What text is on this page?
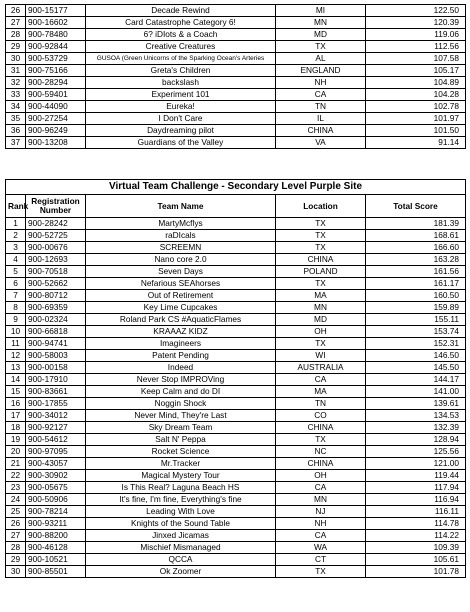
26	900-15177	Decade Rewind	MI	122.50
27	900-16602	Card Catastrophe Category 6!	MN	120.39
28	900-78480	6? iDIots & a Coach	MD	119.06
29	900-92844	Creative Creatures	TX	112.56
30	900-53729	GUSOA (Green Unicorns of the Sparking Ocean's Arteries	AL	107.58
31	900-75166	Greta's Children	ENGLAND	105.17
32	900-28294	backslash	NH	104.89
33	900-59401	Experiment 101	CA	104.28
34	900-44090	Eureka!	TN	102.78
35	900-27254	I Don't Care	IL	101.97
36	900-96249	Daydreaming pilot	CHINA	101.50
37	900-13208	Guardians of the Valley	VA	91.14
Virtual Team Challenge - Secondary Level Purple Site				
Rank	Registration Number	Team Name	Location	Total Score
1	900-28242	MartyMcflys	TX	181.39
2	900-52725	raDIcals	TX	168.61
3	900-00676	SCREEMN	TX	166.60
4	900-12693	Nano core 2.0	CHINA	163.28
5	900-70518	Seven Days	POLAND	161.56
6	900-52662	Nefarious SEAhorses	TX	161.17
7	900-80712	Out of Retirement	MA	160.50
8	900-69359	Key Lime Cupcakes	MN	159.89
9	900-02324	Roland Park CS #AquaticFlames	MD	155.11
10	900-66818	KRAAAZ KIDZ	OH	153.74
11	900-94741	Imagineers	TX	152.31
12	900-58003	Patent Pending	WI	146.50
13	900-00158	Indeed	AUSTRALIA	145.50
14	900-17910	Never Stop IMPROVing	CA	144.17
15	900-83661	Keep Calm and do DI	MA	141.00
16	900-17855	Noggin Shock	TN	139.61
17	900-34012	Never Mind, They're Last	CO	134.53
18	900-92127	Sky Dream Team	CHINA	132.39
19	900-54612	Salt N' Peppa	TX	128.94
20	900-97095	Rocket Science	NC	125.56
21	900-43057	Mr.Tracker	CHINA	121.00
22	900-30902	Magical Mystery Tour	OH	119.44
23	900-05675	Is This Real? Laguna Beach HS	CA	117.94
24	900-50906	It's fine, I'm fine, Everything's fine	MN	116.94
25	900-78214	Leading With Love	NJ	116.11
26	900-93211	Knights of the Sound Table	NH	114.78
27	900-88200	Jinxed Jicamas	CA	114.22
28	900-46128	Mischief Mismanaged	WA	109.39
29	900-10521	QCCA	CT	105.61
30	900-85501	Ok Zoomer	TX	101.78
